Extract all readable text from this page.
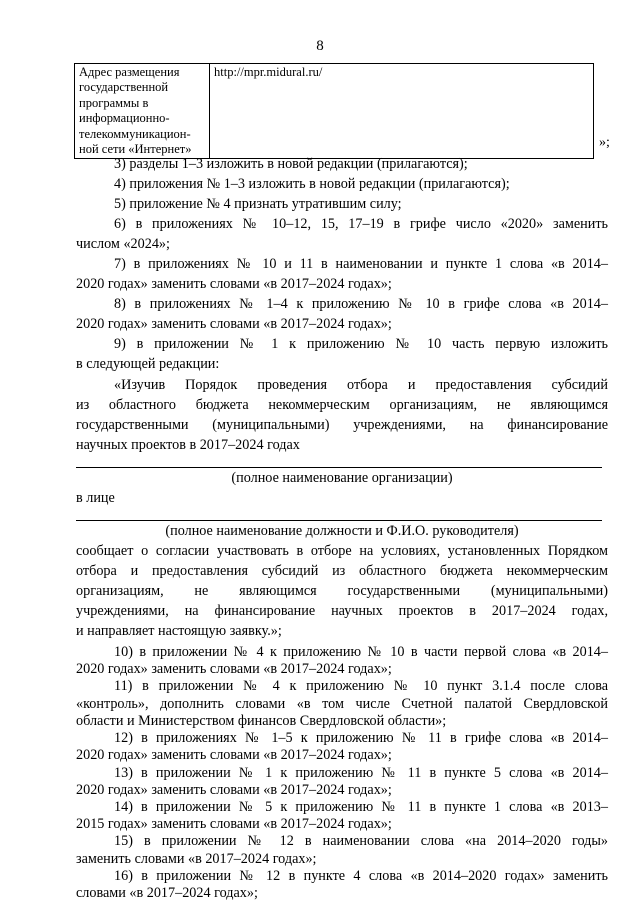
8
Адрес размещения
государственной
программы в
информационно-
телекоммуникацион-
ной сети «Интернет»
	http://mpr.midural.ru/
»;
3) разделы 1–3 изложить в новой редакции (прилагаются);
4) приложения № 1–3 изложить в новой редакции (прилагаются);
5) приложение № 4 признать утратившим силу;
6) в приложениях № 10–12, 15, 17–19 в грифе число «2020» заменить
числом «2024»;
7) в приложениях № 10 и 11 в наименовании и пункте 1 слова «в 2014–
2020 годах» заменить словами «в 2017–2024 годах»;
8) в приложениях № 1–4 к приложению № 10 в грифе слова «в 2014–
2020 годах» заменить словами «в 2017–2024 годах»;
9) в приложении № 1 к приложению № 10 часть первую изложить
в следующей редакции:
«Изучив Порядок проведения отбора и предоставления субсидий
из областного бюджета некоммерческим организациям, не являющимся
государственными (муниципальными) учреждениями, на финансирование
научных проектов в 2017–2024 годах
(полное наименование организации)
в лице
(полное наименование должности и Ф.И.О. руководителя)
сообщает о согласии участвовать в отборе на условиях, установленных Порядком
отбора и предоставления субсидий из областного бюджета некоммерческим
организациям, не являющимся государственными (муниципальными)
учреждениями, на финансирование научных проектов в 2017–2024 годах,
и направляет настоящую заявку.»;
10) в приложении № 4 к приложению № 10 в части первой слова «в 2014–
2020 годах» заменить словами «в 2017–2024 годах»;
11) в приложении № 4 к приложению № 10 пункт 3.1.4 после слова
«контроль», дополнить словами «в том числе Счетной палатой Свердловской
области и Министерством финансов Свердловской области»;
12) в приложениях № 1–5 к приложению № 11 в грифе слова «в 2014–
2020 годах» заменить словами «в 2017–2024 годах»;
13) в приложении № 1 к приложению № 11 в пункте 5 слова «в 2014–
2020 годах» заменить словами «в 2017–2024 годах»;
14) в приложении № 5 к приложению № 11 в пункте 1 слова «в 2013–
2015 годах» заменить словами «в 2017–2024 годах»;
15) в приложении № 12 в наименовании слова «на 2014–2020 годы»
заменить словами «в 2017–2024 годах»;
16) в приложении № 12 в пункте 4 слова «в 2014–2020 годах» заменить
словами «в 2017–2024 годах»;
